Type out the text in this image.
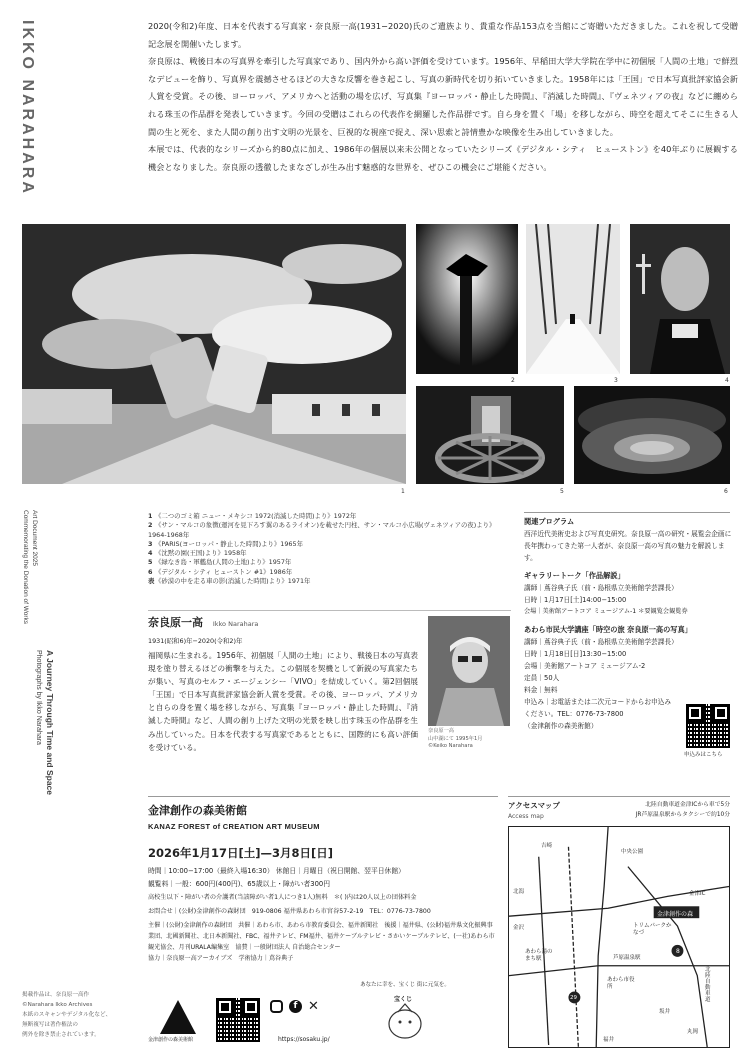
IKKO NARAHARA	2020(令和2)年度、日本を代表する写真家・奈良原一高(1931−2020)氏のご遺族より、貴重な作品153点を当館にご寄贈いただきました。これを祝して受贈記念展を開催いたします。

奈良原は、戦後日本の写真界を牽引した写真家であり、国内外から高い評価を受けています。1956年、早稲田大学大学院在学中に初個展「人間の土地」で鮮烈なデビューを飾り、写真界を震撼させるほどの大きな反響を巻き起こし、写真の新時代を切り拓いていきました。1958年には「王国」で日本写真批評家協会新人賞を受賞。その後、ヨーロッパ、アメリカへと活動の場を広げ、写真集『ヨーロッパ・静止した時間』、『消滅した時間』、『ヴェネツィアの夜』などに纏められる珠玉の作品群を発表していきます。今回の受贈はこれらの代表作を網羅した作品群です。自ら身を置く「場」を移しながら、時空を超えてそこに生きる人間の生と死を、また人間の創り出す文明の光景を、巨視的な視座で捉え、深い思索と詩情豊かな映像を生み出していきました。

本展では、代表的なシリーズから約80点に加え、1986年の個展以来未公開となっていたシリーズ《デジタル・シティ　ヒューストン》を40年ぶりに展観する機会となりました。奈良原の透徹したまなざしが生み出す魅惑的な世界を、ぜひこの機会にご堪能ください。

1
2	3	4
5	6
Art Document 2025
Commemorating the Donation of Works
A Journey Through Time and Space
Photographs by Ikko Narahara
1 《二つのゴミ箱 ニュー・メキシコ 1972(消滅した時間)より》1972年
2 《サン・マルコの象徴(運河を見下ろす翼のあるライオン)を載せた円柱、サン・マルコ小広場(ヴェネツィアの夜)より》1964-1968年
3 《PARIS(ヨーロッパ・静止した時間)より》1965年
4 《沈黙の園(王国)より》1958年
5 《緑なき島・軍艦島(人間の土地)より》1957年
6 《デジタル・シティ ヒューストン #1》1986年
表《砂漠の中を走る車の影(消滅した時間)より》1971年
奈良原一高 Ikko Narahara
1931(昭和6)年−2020(令和2)年
福岡県に生まれる。1956年、初個展「人間の土地」により、戦後日本の写真表現を塗り替えるほどの衝撃を与えた。この個展を契機として新鋭の写真家たちが集い、写真のセルフ・エージェンシー「VIVO」を結成していく。第2回個展「王国」で日本写真批評家協会新人賞を受賞。その後、ヨーロッパ、アメリカと自らの身を置く場を移しながら、写真集『ヨーロッパ・静止した時間』、『消滅した時間』など、人間の創り上げた文明の光景を映し出す珠玉の作品群を生み出していった。日本を代表する写真家であるとともに、国際的にも高い評価を受けている。
奈良原一高
山中湖にて 1995年1月
©Keiko Narahara
関連プログラム
西洋近代美術史および写真史研究。奈良原一高の研究・展覧会企画に長年携わってきた第一人者が、奈良原一高の写真の魅力を解説します。
ギャラリートーク「作品解説」
講師｜蔦谷典子氏（前・島根県立美術館学芸課長）
日時｜1月17日[土]14:00−15:00
会場｜美術館アートコア ミュージアム-1 ＊要観覧会観覧券
あわら市民大学講座「時空の旅 奈良原一高の写真」
講師｜蔦谷典子氏（前・島根県立美術館学芸課長）
日時｜1月18日[日]13:30−15:00
会場｜美術館アートコア ミュージアム-2
定員｜50人
料金｜無料
申込み｜お電話または二次元コードからお申込みください。TEL：0776-73-7800
（金津創作の森美術館）
申込みはこちら
金津創作の森美術館
KANAZ FOREST of CREATION ART MUSEUM
2026年1月17日[土]—3月8日[日]
時間｜10:00−17:00（最終入場16:30） 休館日｜月曜日（祝日開館、翌平日休館）
観覧料｜一般：600円(400円)、65歳以上・障がい者300円
高校生以下・障がい者の介護者(当該障がい者1人につき1人)無料　＊( )内は20人以上の団体料金
お問合せ｜(公財)金津創作の森財団　919-0806 福井県あわら市宮谷57-2-19　TEL：0776-73-7800
主催｜(公財)金津創作の森財団　共催｜あわら市、あわら市教育委員会、福井新聞社　後援｜福井県、(公財)福井県文化振興事業団、北國新聞社、北日本新聞社、FBC、福井テレビ、FM福井、福井ケーブルテレビ・さかいケーブルテレビ、(一社)あわら市観光協会、月刊URALA編集室　協賛｜一般財団法人 自治総合センター
協力｜奈良原一高アーカイブズ　学術協力｜蔦谷典子
金津創作の森美術館
f ✕
https://sosaku.jp/
あなたに幸を、宝くじ 街に元気を。
宝くじ
掲載作品は、奈良原一高作
©Narahara Ikko Archives
本紙のスキャンやデジタル化など、
無断複写は著作権法の
例外を除き禁止されています。
アクセスマップ
Access map
北陸自動車道金津ICから車で5分
JR芦原温泉駅からタクシーで約10分
金津創作の森
金津IC
北陸自動車道
トリムパークかなづ
芦原温泉駅
あわら湯のまち駅
坂井
丸岡
福井
金沢
北潟
吉崎
あわら市役所
8
29
中央公園
